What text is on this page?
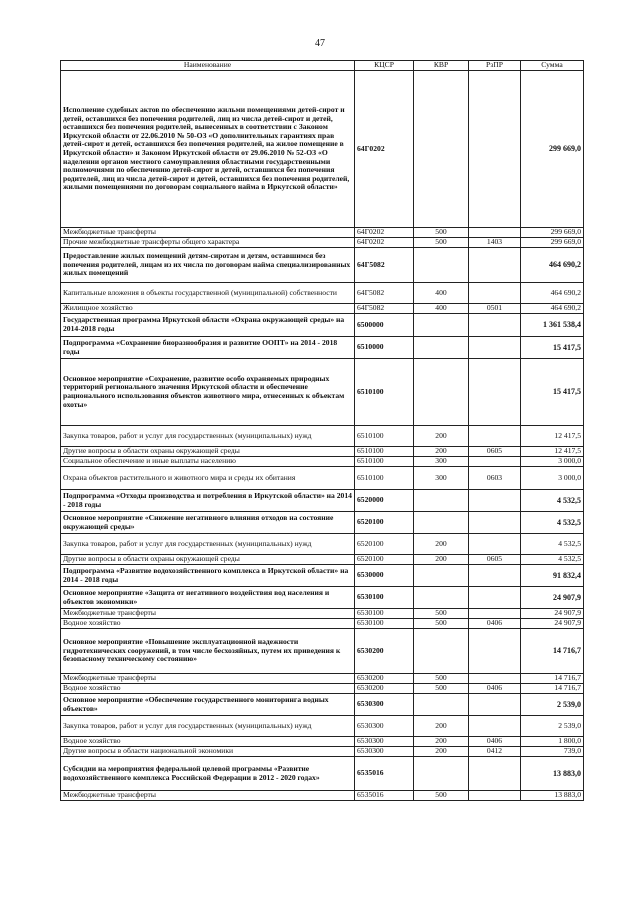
47
Наименование	КЦСР	КВР	РзПР	Сумма
Исполнение судебных актов по обеспечению жильми помещениями детей-сирот и детей, оставшихся без попечения родителей, лиц из числа детей-сирот и детей, оставшихся без попечения родителей, вынесенных в соответствии с Законом Иркутской области от 22.06.2010 № 50-ОЗ «О дополнительных гарантиях прав детей-сирот и детей, оставшихся без попечения родителей, на жилое помещение в Иркутской области» и Законом Иркутской области от 29.06.2010 № 52-ОЗ «О наделении органов местного самоуправления областными государственными полномочиями по обеспечению детей-сирот и детей, оставшихся без попечения родителей, лиц из числа детей-сирот и детей, оставшихся без попечения родителей, жилыми помещениями по договорам социального найма в Иркутской области»	64Г0202			299 669,0
Межбюджетные трансферты	64Г0202	500		299 669,0
Прочие межбюджетные трансферты общего характера	64Г0202	500	1403	299 669,0
Предоставление жилых помещений детям-сиротам и детям, оставшимся без попечения родителей, лицам из их числа по договорам найма специализированных жилых помещений	64Г5082			464 690,2
Капитальные вложения в объекты государственной (муниципальной) собственности	64Г5082	400		464 690,2
Жилищное хозяйство	64Г5082	400	0501	464 690,2
Государственная программа Иркутской области «Охрана окружающей среды» на 2014-2018 годы	6500000			1 361 538,4
Подпрограмма «Сохранение биоразнообразия и развитие ООПТ» на 2014 - 2018 годы	6510000			15 417,5
Основное мероприятие «Сохранение, развитие особо охраняемых природных территорий регионального значения Иркутской области и обеспечение рационального использования объектов животного мира, отнесенных к объектам охоты»	6510100			15 417,5
Закупка товаров, работ и услуг для государственных (муниципальных) нужд	6510100	200		12 417,5
Другие вопросы в области охраны окружающей среды	6510100	200	0605	12 417,5
Социальное обеспечение и иные выплаты населению	6510100	300		3 000,0
Охрана объектов растительного и животного мира и среды их обитания	6510100	300	0603	3 000,0
Подпрограмма «Отходы производства и потребления в Иркутской области» на 2014 - 2018 годы	6520000			4 532,5
Основное мероприятие «Снижение негативного влияния отходов на состояние окружающей среды»	6520100			4 532,5
Закупка товаров, работ и услуг для государственных (муниципальных) нужд	6520100	200		4 532,5
Другие вопросы в области охраны окружающей среды	6520100	200	0605	4 532,5
Подпрограмма «Развитие водохозяйственного комплекса в Иркутской области» на 2014 - 2018 годы	6530000			91 832,4
Основное мероприятие «Защита от негативного воздействия вод населения и объектов экономики»	6530100			24 907,9
Межбюджетные трансферты	6530100	500		24 907,9
Водное хозяйство	6530100	500	0406	24 907,9
Основное мероприятие «Повышение эксплуатационной надежности гидротехнических сооружений, в том числе бесхозяйных, путем их приведения к безопасному техническому состоянию»	6530200			14 716,7
Межбюджетные трансферты	6530200	500		14 716,7
Водное хозяйство	6530200	500	0406	14 716,7
Основное мероприятие «Обеспечение государственного мониторинга водных объектов»	6530300			2 539,0
Закупка товаров, работ и услуг для государственных (муниципальных) нужд	6530300	200		2 539,0
Водное хозяйство	6530300	200	0406	1 800,0
Другие вопросы в области национальной экономики	6530300	200	0412	739,0
Субсидии на мероприятия федеральной целевой программы «Развитие водохозяйственного комплекса Российской Федерации в 2012 - 2020 годах»	6535016			13 883,0
Межбюджетные трансферты	6535016	500		13 883,0
